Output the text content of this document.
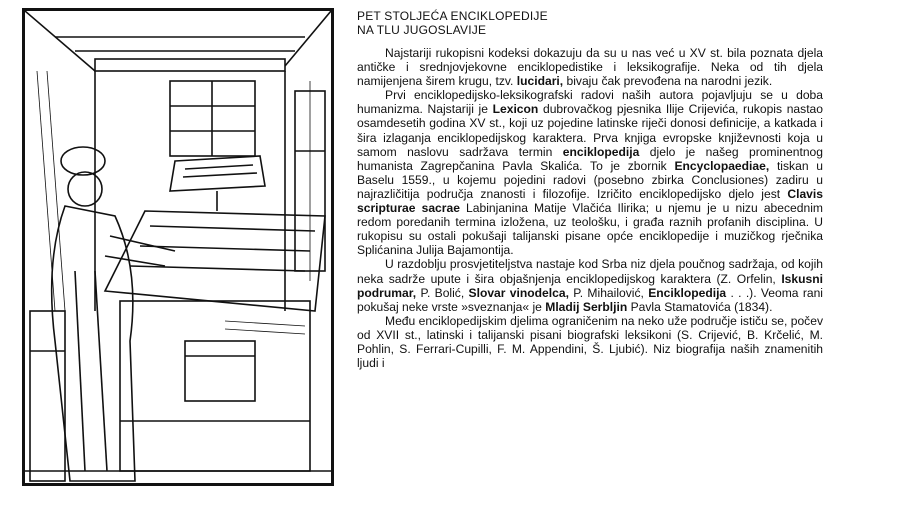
PET STOLJEĆA ENCIKLOPEDIJE
NA TLU JUGOSLAVIJE

Najstariji rukopisni kodeksi dokazuju da su u nas već u XV st. bila poznata djela antičke i srednjovjekovne enciklopedistike i leksikografije. Neka od tih djela namijenjena širem krugu, tzv. lucidari, bivaju čak prevođena na narodni jezik.

Prvi enciklopedijsko-leksikografski radovi naših autora pojavljuju se u doba humanizma. Najstariji je Lexicon dubrovačkog pjesnika Ilije Crijevića, rukopis nastao osamdesetih godina XV st., koji uz pojedine latinske riječi donosi definicije, a katkada i šira izlaganja enciklopedijskog karaktera. Prva knjiga evropske književnosti koja u samom naslovu sadržava termin enciklopedija djelo je našeg prominentnog humanista Zagrepčanina Pavla Skalića. To je zbornik Encyclopaediae, tiskan u Baselu 1559., u kojemu pojedini radovi (posebno zbirka Conclusiones) zadiru u najrazličitija područja znanosti i filozofije. Izričito enciklopedijsko djelo jest Clavis scripturae sacrae Labinjanina Matije Vlačića Ilirika; u njemu je u nizu abecednim redom poredanih termina izložena, uz teološku, i građa raznih profanih disciplina. U rukopisu su ostali pokušaji talijanski pisane opće enciklopedije i muzičkog rječnika Splićanina Julija Bajamontija.

U razdoblju prosvjetiteljstva nastaje kod Srba niz djela poučnog sadržaja, od kojih neka sadrže upute i šira objašnjenja enciklopedijskog karaktera (Z. Orfelin, Iskusni podrumar, P. Bolić, Slovar vinodelca, P. Mihailović, Enciklopedija . . .). Veoma rani pokušaj neke vrste »sveznanja« je Mladij Serbljin Pavla Stamatovića (1834).

Među enciklopedijskim djelima ograničenim na neko uže područje ističu se, počev od XVII st., latinski i talijanski pisani biografski leksikoni (S. Crijević, B. Krčelić, M. Pohlin, S. Ferrari-Cupilli, F. M. Appendini, Š. Ljubić). Niz biografija naših znamenitih ljudi i
